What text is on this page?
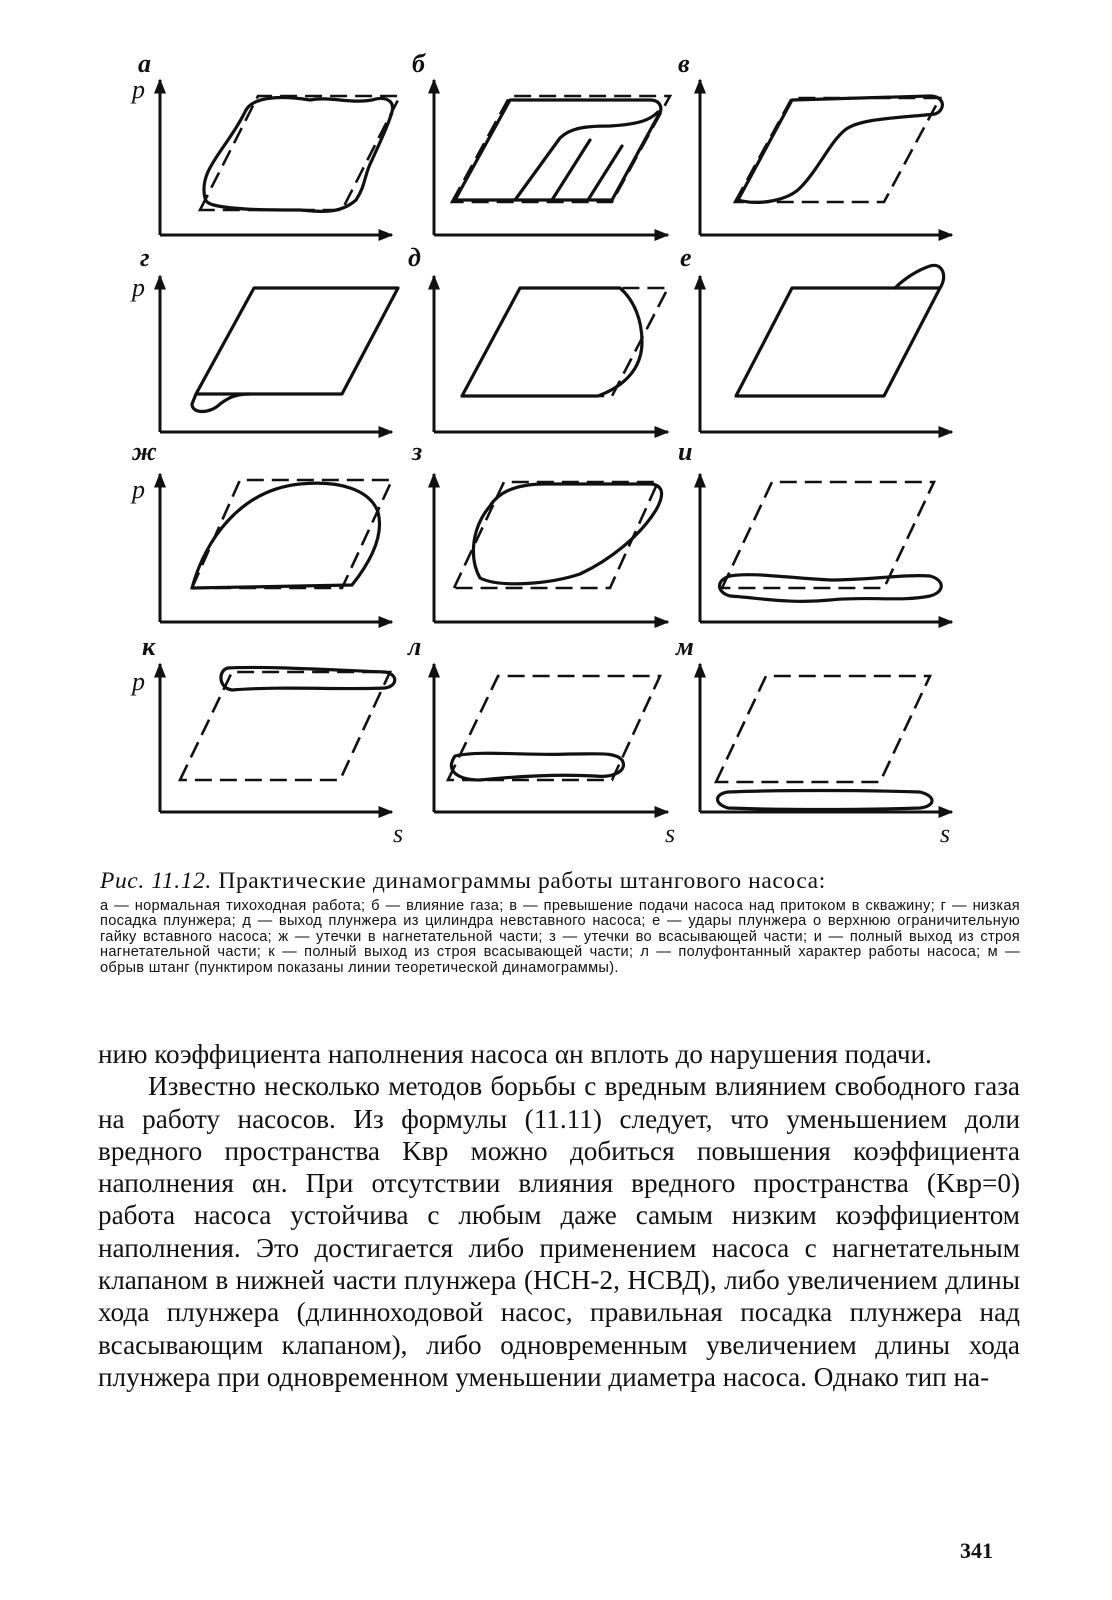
а
p
б	в
г
p
д	е
ж
p
з	и
к
p
л	м
s	s	s

Рис. 11.12. Практические динамограммы работы штангового насоса:

а — нормальная тихоходная работа; б — влияние газа; в — превышение подачи насоса над притоком в скважину; г — низкая посадка плунжера; д — выход плунжера из цилиндра невставного насоса; е — удары плунжера о верхнюю ограничительную гайку вставного насоса; ж — утечки в нагнетательной части; з — утечки во всасывающей части; и — полный выход из строя нагнетательной части; к — полный выход из строя всасывающей части; л — полуфонтанный характер работы насоса; м — обрыв штанг (пунктиром показаны линии теоретической динамограммы).

нию коэффициента наполнения насоса αн вплоть до нарушения подачи.

Известно несколько методов борьбы с вредным влиянием свободного газа на работу насосов. Из формулы (11.11) следует, что уменьшением доли вредного пространства Kвр можно добиться повышения коэффициента наполнения αн. При отсутствии влияния вредного пространства (Kвр=0) работа насоса устойчива с любым даже самым низким коэффициентом наполнения. Это достигается либо применением насоса с нагнетательным клапаном в нижней части плунжера (НСН-2, НСВД), либо увеличением длины хода плунжера (длинноходовой насос, правильная посадка плунжера над всасывающим клапаном), либо одновременным увеличением длины хода плунжера при одновременном уменьшении диаметра насоса. Однако тип на-

341
